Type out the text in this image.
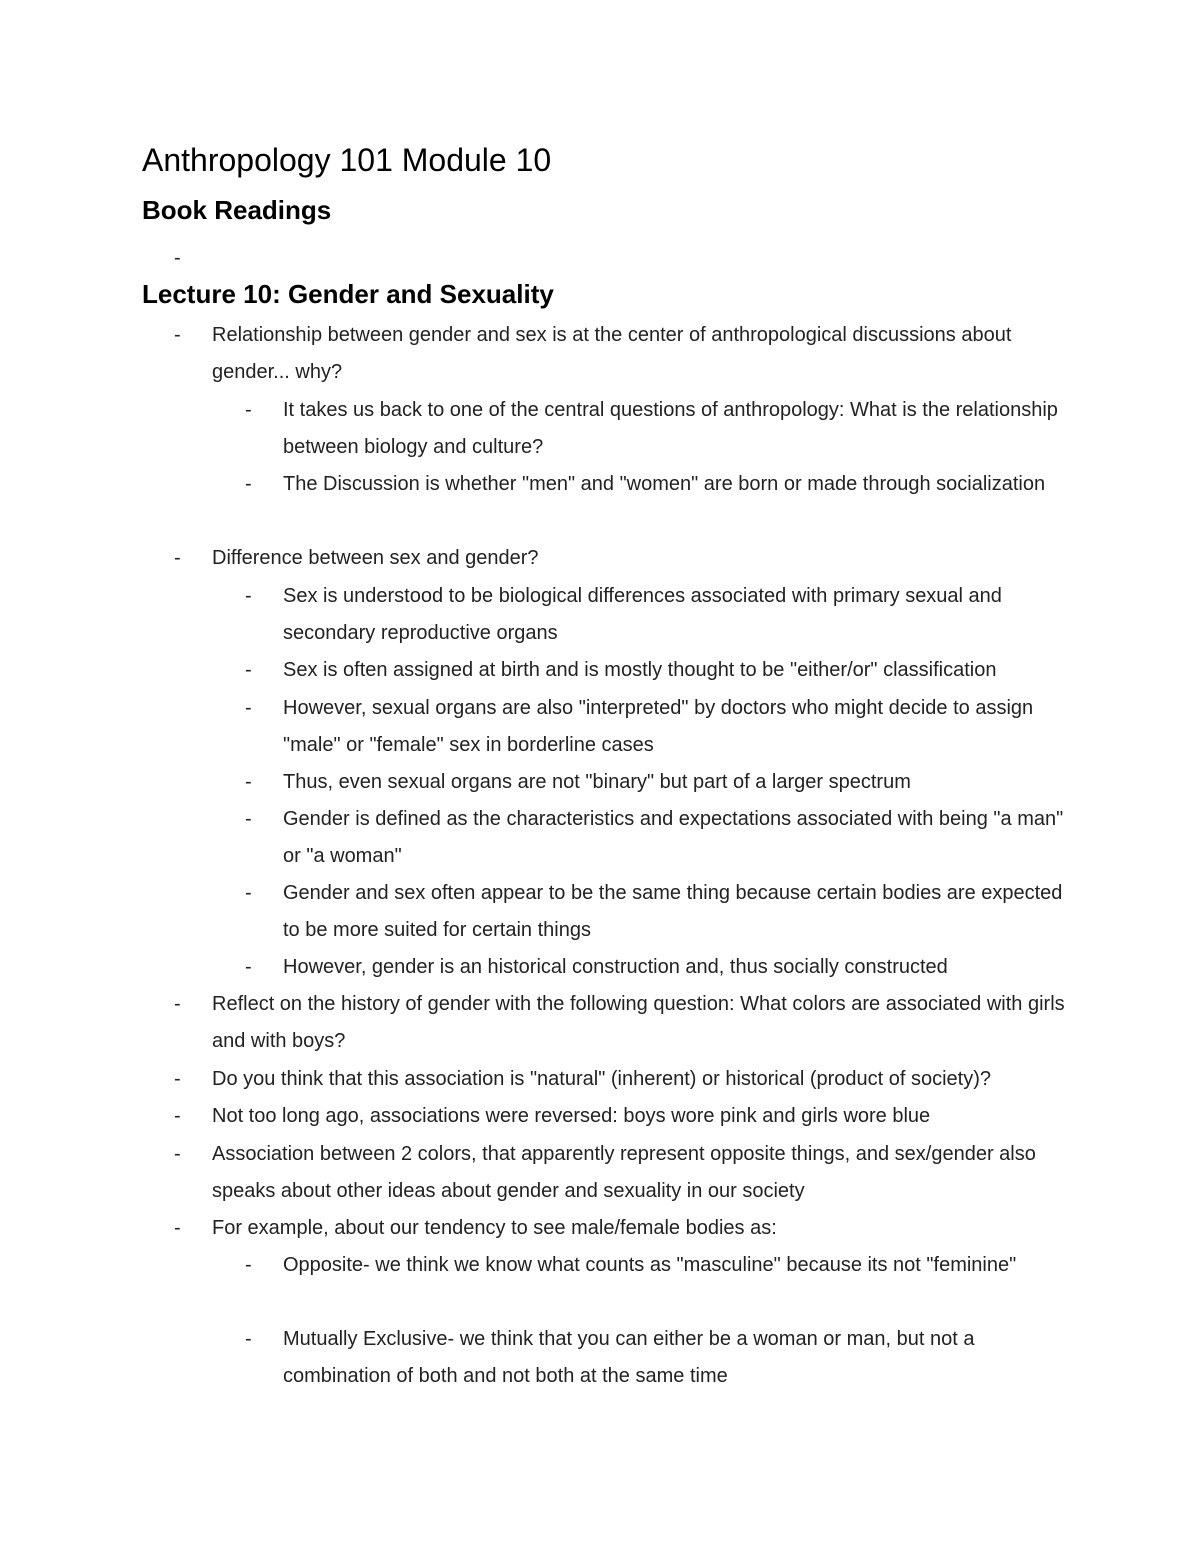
Anthropology 101 Module 10
Book Readings
-
Lecture 10: Gender and Sexuality
-	Relationship between gender and sex is at the center of anthropological discussions about gender... why?
-	It takes us back to one of the central questions of anthropology: What is the relationship between biology and culture?
-	The Discussion is whether "men" and "women" are born or made through socialization
-	Difference between sex and gender?
-	Sex is understood to be biological differences associated with primary sexual and secondary reproductive organs
-	Sex is often assigned at birth and is mostly thought to be "either/or" classification
-	However, sexual organs are also "interpreted" by doctors who might decide to assign "male" or "female" sex in borderline cases
-	Thus, even sexual organs are not "binary" but part of a larger spectrum
-	Gender is defined as the characteristics and expectations associated with being "a man" or "a woman"
-	Gender and sex often appear to be the same thing because certain bodies are expected to be more suited for certain things
-	However, gender is an historical construction and, thus socially constructed
-	Reflect on the history of gender with the following question: What colors are associated with girls and with boys?
-	Do you think that this association is "natural" (inherent) or historical (product of society)?
-	Not too long ago, associations were reversed: boys wore pink and girls wore blue
-	Association between 2 colors, that apparently represent opposite things, and sex/gender also speaks about other ideas about gender and sexuality in our society
-	For example, about our tendency to see male/female bodies as:
-	Opposite- we think we know what counts as "masculine" because its not "feminine"
-	Mutually Exclusive- we think that you can either be a woman or man, but not a combination of both and not both at the same time
